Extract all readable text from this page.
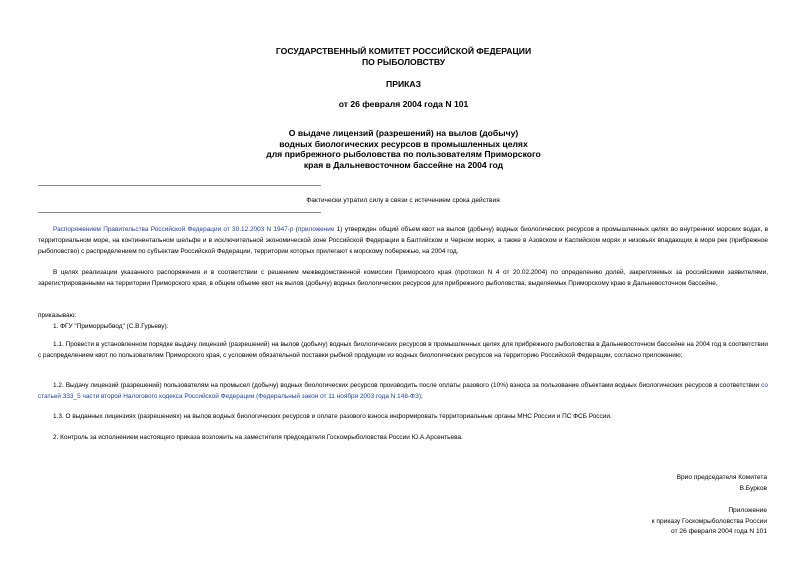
ГОСУДАРСТВЕННЫЙ КОМИТЕТ РОССИЙСКОЙ ФЕДЕРАЦИИ
ПО РЫБОЛОВСТВУ
ПРИКАЗ
от 26 февраля 2004 года N 101
О выдаче лицензий (разрешений) на вылов (добычу)
водных биологических ресурсов в промышленных целях
для прибрежного рыболовства по пользователям Приморского
края в Дальневосточном бассейне на 2004 год
Фактически утратил силу в связи с истечением срока действия
Распоряжением Правительства Российской Федерации от 30.12.2003 N 1947-р (приложение 1) утвержден общий объем квот на вылов (добычу) водных биологических ресурсов в промышленных целях во внутренних морских водах, в территориальном море, на континентальном шельфе и в исключительной экономической зоне Российской Федерации в Балтийском и Черном морях, а также в Азовском и Каспийском морях и низовьях впадающих в моря рек (прибрежное рыболовство) с распределением по субъектам Российской Федерации, территории которых прилегают к морскому побережью, на 2004 год.
В целях реализации указанного распоряжения и в соответствии с решением межведомственной комиссии Приморского края (протокол N 4 от 20.02.2004) по определению долей, закрепляемых за российскими заявителями, зарегистрированными на территории Приморского края, в общем объеме квот на вылов (добычу) водных биологических ресурсов для прибрежного рыболовства, выделяемых Приморскому краю в Дальневосточном бассейне,
приказываю:
1. ФГУ "Приморрыбвод" (С.В.Гурьеву):
1.1. Провести в установленном порядке выдачу лицензий (разрешений) на вылов (добычу) водных биологических ресурсов в промышленных целях для прибрежного рыболовства в Дальневосточном бассейне на 2004 год в соответствии с распределением квот по пользователям Приморского края, с условием обязательной поставки рыбной продукции из водных биологических ресурсов на территорию Российской Федерации, согласно приложению;
1.2. Выдачу лицензий (разрешений) пользователям на промысел (добычу) водных биологических ресурсов производить после оплаты разового (10%) взноса за пользование объектами водных биологических ресурсов в соответствии со статьей 333_5 части второй Налогового кодекса Российской Федерации (Федеральный закон от 11 ноября 2003 года N 148-ФЗ);
1.3. О выданных лицензиях (разрешениях) на вылов водных биологических ресурсов и оплате разового взноса информировать территориальные органы МНС России и ПС ФСБ России.
2. Контроль за исполнением настоящего приказа возложить на заместителя председателя Госкомрыболовства России Ю.А.Арсентьева.
Врио председателя Комитета
В.Бурков
Приложение
к приказу Госкомрыболовства России
от 26 февраля 2004 года N 101
